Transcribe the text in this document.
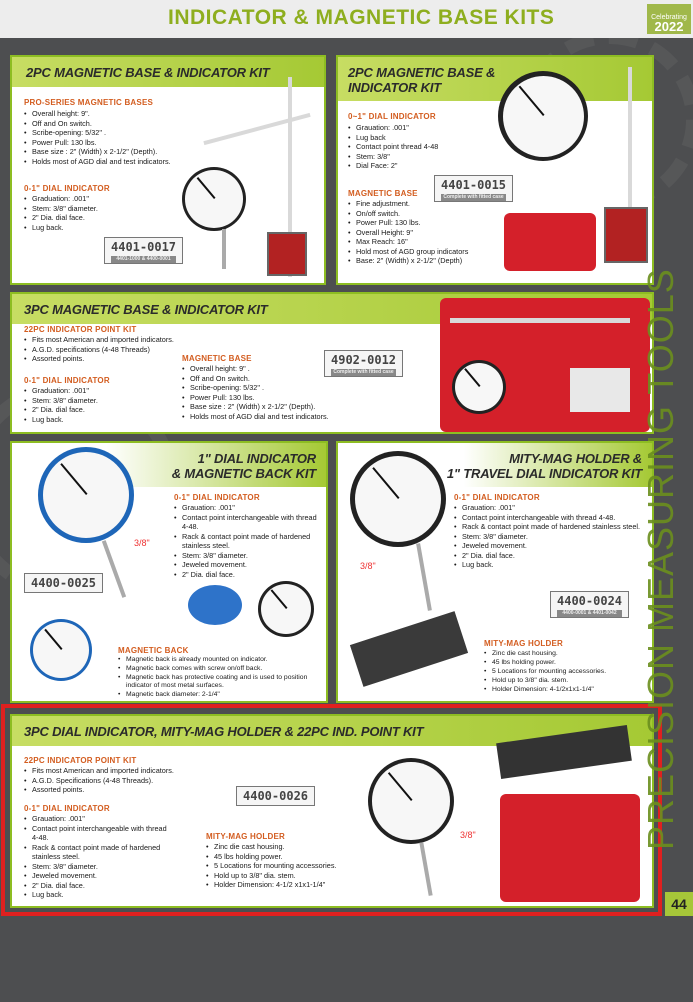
INDICATOR & MAGNETIC BASE KITS	Celebrating
2022
2PC MAGNETIC BASE & INDICATOR KIT
PRO-SERIES MAGNETIC BASES
• Overall height: 9".
• Off and On switch.
• Scribe-opening: 5/32" .
• Power Pull: 130 lbs.
• Base size : 2" (Width) x 2-1/2" (Depth).
• Holds most of AGD dial and test indicators.
0-1" DIAL INDICATOR
• Graduation: .001"
• Stem: 3/8" diameter.
• 2" Dia. dial face.
• Lug back.
4401-0017
4401-1000 & 4400-0001
2PC MAGNETIC BASE & INDICATOR KIT
0~1" DIAL INDICATOR
• Grauation: .001"
• Lug back
• Contact point thread 4-48
• Stem: 3/8"
• Dial Face: 2"
MAGNETIC BASE
• Fine adjustment.
• On/off switch.
• Power Pull: 130 lbs.
• Overall Height: 9"
• Max Reach: 16"
• Hold most of AGD group indicators
• Base: 2" (Width) x 2-1/2" (Depth)
4401-0015
Complete with fitted case
3PC MAGNETIC BASE & INDICATOR KIT
22PC INDICATOR POINT KIT
• Fits most American and imported indicators.
• A.G.D. specifications (4-48 Threads)
• Assorted points.
0-1" DIAL INDICATOR
• Graduation: .001"
• Stem: 3/8" diameter.
• 2" Dia. dial face.
• Lug back.
MAGNETIC BASE
• Overall height: 9" .
• Off and On switch.
• Scribe-opening: 5/32" .
• Power Pull: 130 lbs.
• Base size : 2" (Width) x 2-1/2" (Depth).
• Holds most of AGD dial and test indicators.
4902-0012
Complete with fitted case
1" DIAL INDICATOR
& MAGNETIC BACK KIT
0-1" DIAL INDICATOR
• Grauation: .001"
• Contact point interchangeable with thread 4-48.
• Rack & contact point made of hardened stainless steel.
• Stem: 3/8" diameter.
• Jeweled movement.
• 2" Dia. dial face.
MAGNETIC BACK
• Magnetic back is already mounted on indicator.
• Magnetic back comes with screw on/off back.
• Magnetic back has protective coating and is used to position indicator of most metal surfaces.
• Magnetic back diameter: 2-1/4"
4400-0025
3/8"
MITY-MAG HOLDER &
1" TRAVEL DIAL INDICATOR KIT
0-1" DIAL INDICATOR
• Grauation: .001"
• Contact point interchangeable with thread 4-48.
• Rack & contact point made of hardened stainless steel.
• Stem: 3/8" diameter.
• Jeweled movement.
• 2" Dia. dial face.
• Lug back.
MITY-MAG HOLDER
• Zinc die cast housing.
• 45 lbs holding power.
• 5 Locations for mounting accessories.
• Hold up to 3/8" dia. stem.
• Holder Dimension: 4-1/2x1x1-1/4"
4400-0024
4400-0001 & 4401-0042
3/8"
3PC DIAL INDICATOR, MITY-MAG HOLDER & 22PC IND. POINT KIT
22PC INDICATOR POINT KIT
• Fits most American and imported indicators.
• A.G.D. Specifications (4-48 Threads).
• Assorted points.
0-1" DIAL INDICATOR
• Grauation: .001"
• Contact point interchangeable with thread 4-48.
• Rack & contact point made of hardened stainless steel.
• Stem: 3/8" diameter.
• Jeweled movement.
• 2" Dia. dial face.
• Lug back.
MITY-MAG HOLDER
• Zinc die cast housing.
• 45 lbs holding power.
• 5 Locations for mounting accessories.
• Hold up to 3/8" dia. stem.
• Holder Dimension: 4-1/2 x1x1-1/4"
4400-0026
3/8"	PRECISION MEASURING TOOLS
44
